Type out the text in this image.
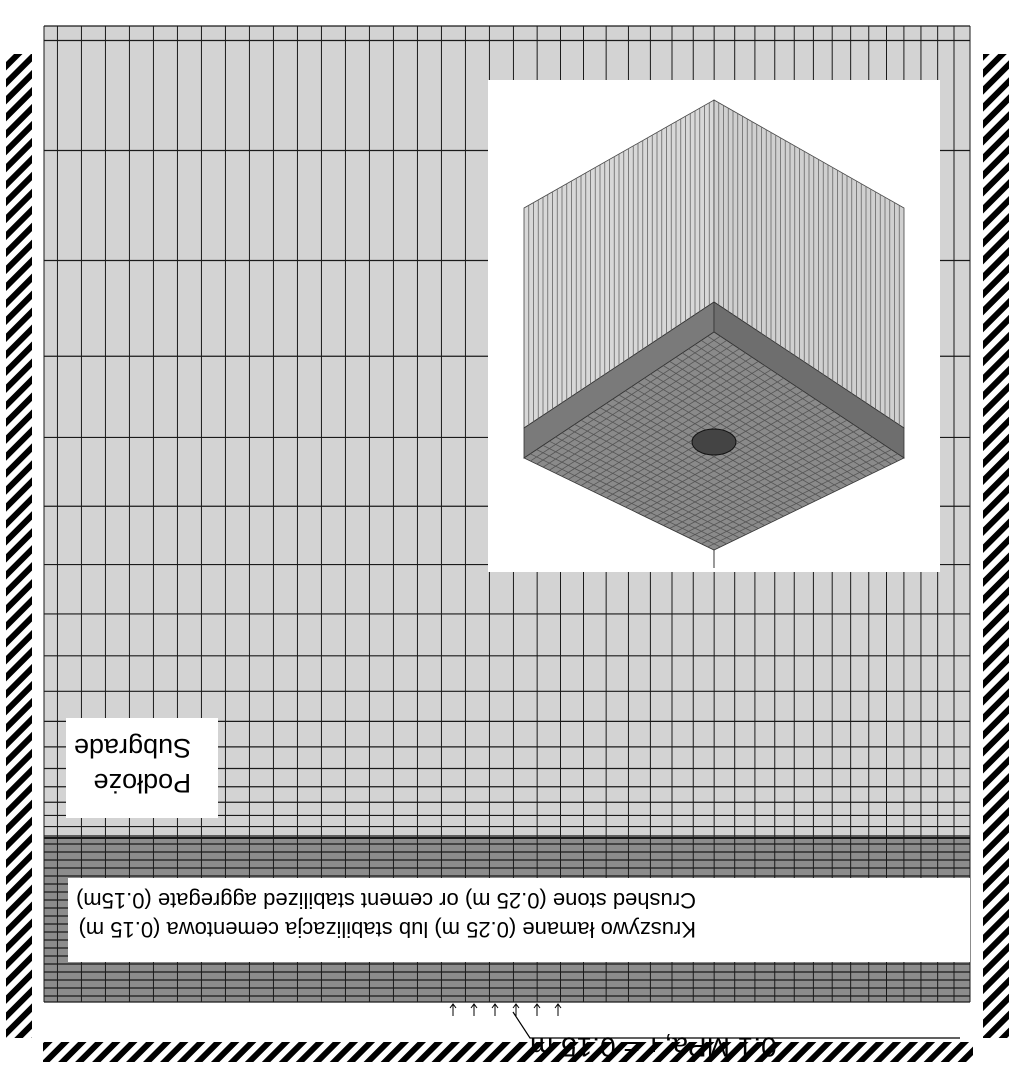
Podłoże
Subgrade
Kruszywo łamane (0.25 m) lub stabilizacja cementowa (0.15 m)
Crushed stone (0.25 m) or cement stabilized aggregate (0.15m)
0.1 MPa, r = 0.15 m
